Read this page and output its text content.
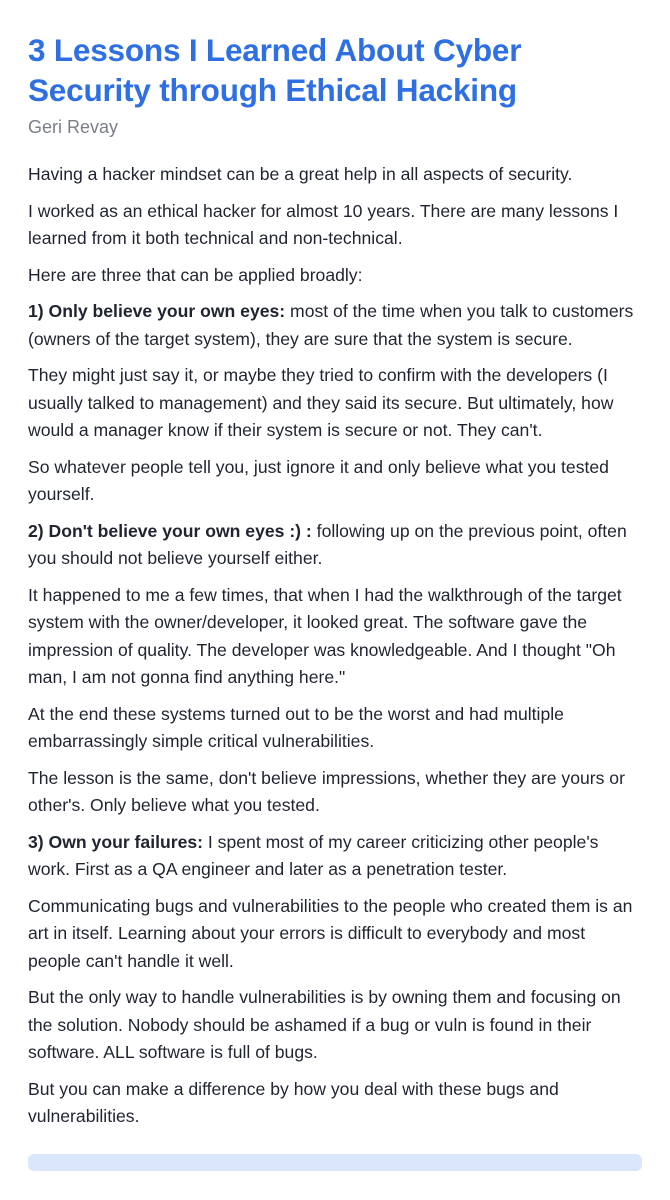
3 Lessons I Learned About Cyber Security through Ethical Hacking
Geri Revay

Having a hacker mindset can be a great help in all aspects of security.

I worked as an ethical hacker for almost 10 years. There are many lessons I learned from it both technical and non-technical.

Here are three that can be applied broadly:

1) Only believe your own eyes: most of the time when you talk to customers (owners of the target system), they are sure that the system is secure.

They might just say it, or maybe they tried to confirm with the developers (I usually talked to management) and they said its secure. But ultimately, how would a manager know if their system is secure or not. They can't.

So whatever people tell you, just ignore it and only believe what you tested yourself.

2) Don't believe your own eyes :) : following up on the previous point, often you should not believe yourself either.

It happened to me a few times, that when I had the walkthrough of the target system with the owner/developer, it looked great. The software gave the impression of quality. The developer was knowledgeable. And I thought "Oh man, I am not gonna find anything here."

At the end these systems turned out to be the worst and had multiple embarrassingly simple critical vulnerabilities.

The lesson is the same, don't believe impressions, whether they are yours or other's. Only believe what you tested.

3) Own your failures: I spent most of my career criticizing other people's work. First as a QA engineer and later as a penetration tester.

Communicating bugs and vulnerabilities to the people who created them is an art in itself. Learning about your errors is difficult to everybody and most people can't handle it well.

But the only way to handle vulnerabilities is by owning them and focusing on the solution. Nobody should be ashamed if a bug or vuln is found in their software. ALL software is full of bugs.

But you can make a difference by how you deal with these bugs and vulnerabilities.
